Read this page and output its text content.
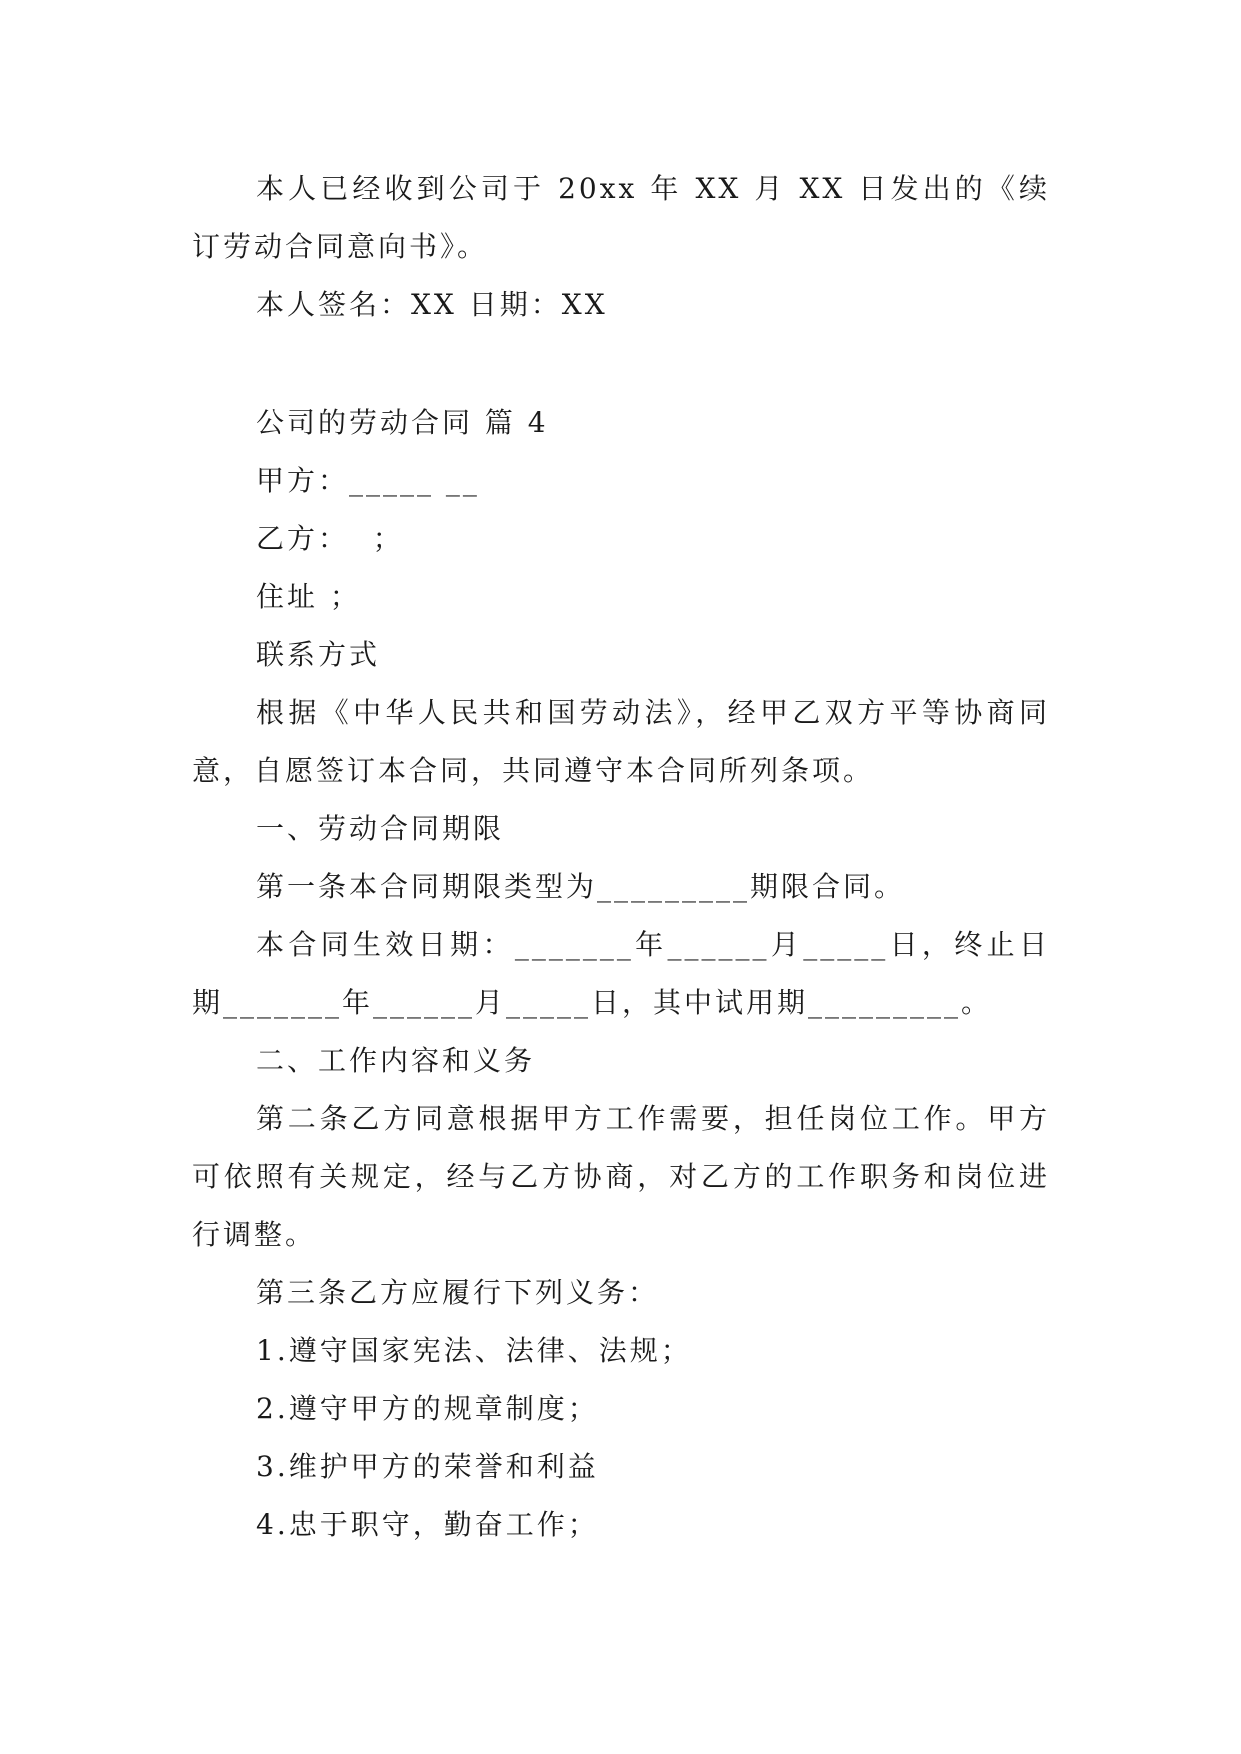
本人已经收到公司于 20xx 年 XX 月 XX 日发出的《续订劳动合同意向书》。

本人签名：XX 日期：XX

公司的劳动合同 篇 4

甲方：_____ __

乙方：  ；

住址 ；

联系方式

根据《中华人民共和国劳动法》，经甲乙双方平等协商同意，自愿签订本合同，共同遵守本合同所列条项。

一、劳动合同期限

第一条本合同期限类型为_________期限合同。

本合同生效日期：_______年______月_____日，终止日期_______年______月_____日，其中试用期_________。

二、工作内容和义务

第二条乙方同意根据甲方工作需要，担任岗位工作。甲方可依照有关规定，经与乙方协商，对乙方的工作职务和岗位进行调整。

第三条乙方应履行下列义务：

1.遵守国家宪法、法律、法规；

2.遵守甲方的规章制度；

3.维护甲方的荣誉和利益

4.忠于职守，勤奋工作；
